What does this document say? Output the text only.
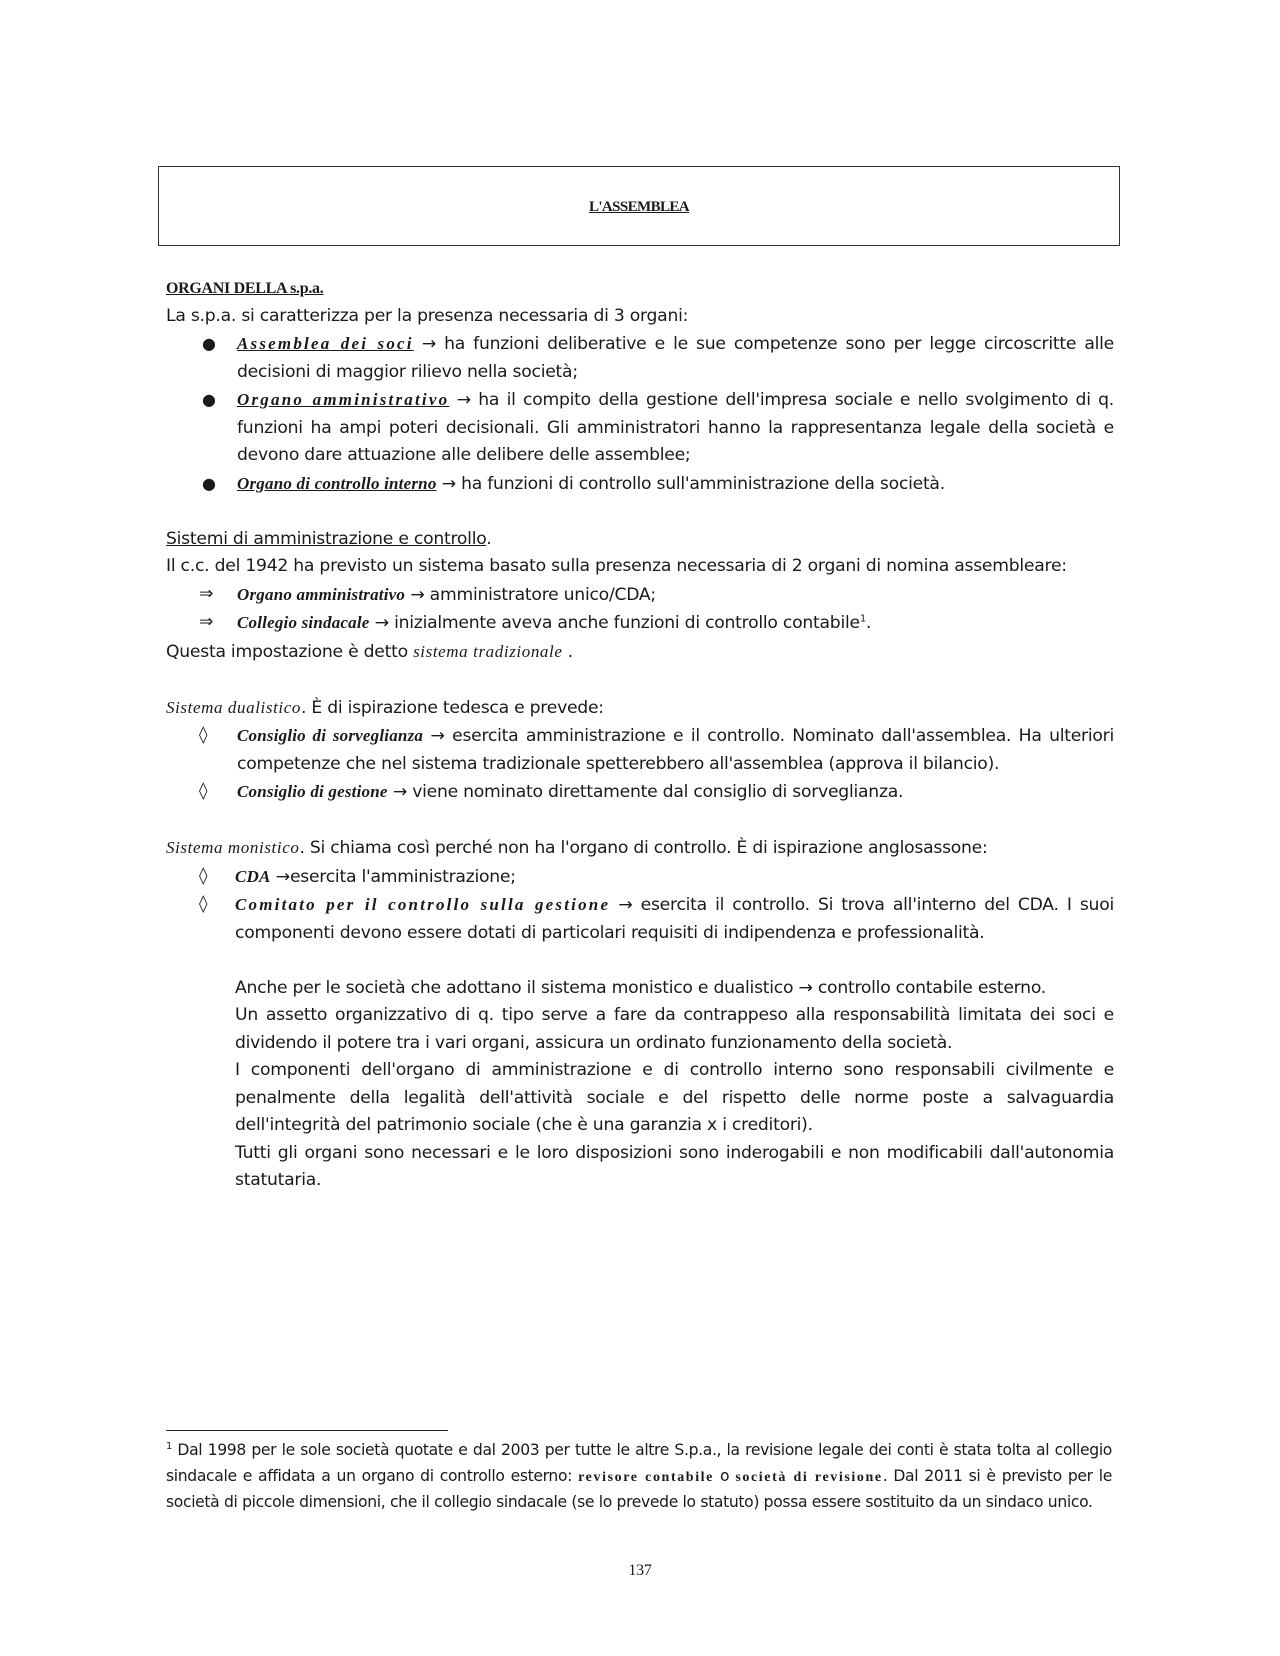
L'ASSEMBLEA

ORGANI DELLA s.p.a.

La s.p.a. si caratterizza per la presenza necessaria di 3 organi:

● Assemblea dei soci → ha funzioni deliberative e le sue competenze sono per legge circoscritte alle decisioni di maggior rilievo nella società;
● Organo amministrativo → ha il compito della gestione dell'impresa sociale e nello svolgimento di q. funzioni ha ampi poteri decisionali. Gli amministratori hanno la rappresentanza legale della società e devono dare attuazione alle delibere delle assemblee;
● Organo di controllo interno → ha funzioni di controllo sull'amministrazione della società.

Sistemi di amministrazione e controllo.

Il c.c. del 1942 ha previsto un sistema basato sulla presenza necessaria di 2 organi di nomina assembleare:

⇒ Organo amministrativo → amministratore unico/CDA;
⇒ Collegio sindacale → inizialmente aveva anche funzioni di controllo contabile$^1$.

Questa impostazione è detto sistema tradizionale .

Sistema dualistico. È di ispirazione tedesca e prevede:

◊ Consiglio di sorveglianza → esercita amministrazione e il controllo. Nominato dall'assemblea. Ha ulteriori competenze che nel sistema tradizionale spetterebbero all'assemblea (approva il bilancio).
◊ Consiglio di gestione → viene nominato direttamente dal consiglio di sorveglianza.

Sistema monistico. Si chiama così perché non ha l'organo di controllo. È di ispirazione anglosassone:

◊ CDA →esercita l'amministrazione;
◊ Comitato per il controllo sulla gestione → esercita il controllo. Si trova all'interno del CDA. I suoi componenti devono essere dotati di particolari requisiti di indipendenza e professionalità.

Anche per le società che adottano il sistema monistico e dualistico → controllo contabile esterno.

Un assetto organizzativo di q. tipo serve a fare da contrappeso alla responsabilità limitata dei soci e dividendo il potere tra i vari organi, assicura un ordinato funzionamento della società.

I componenti dell'organo di amministrazione e di controllo interno sono responsabili civilmente e penalmente della legalità dell'attività sociale e del rispetto delle norme poste a salvaguardia dell'integrità del patrimonio sociale (che è una garanzia x i creditori).

Tutti gli organi sono necessari e le loro disposizioni sono inderogabili e non modificabili dall'autonomia statutaria.

$^1$ Dal 1998 per le sole società quotate e dal 2003 per tutte le altre S.p.a., la revisione legale dei conti è stata tolta al collegio sindacale e affidata a un organo di controllo esterno: revisore contabile o società di revisione. Dal 2011 si è previsto per le società di piccole dimensioni, che il collegio sindacale (se lo prevede lo statuto) possa essere sostituito da un sindaco unico.
137
